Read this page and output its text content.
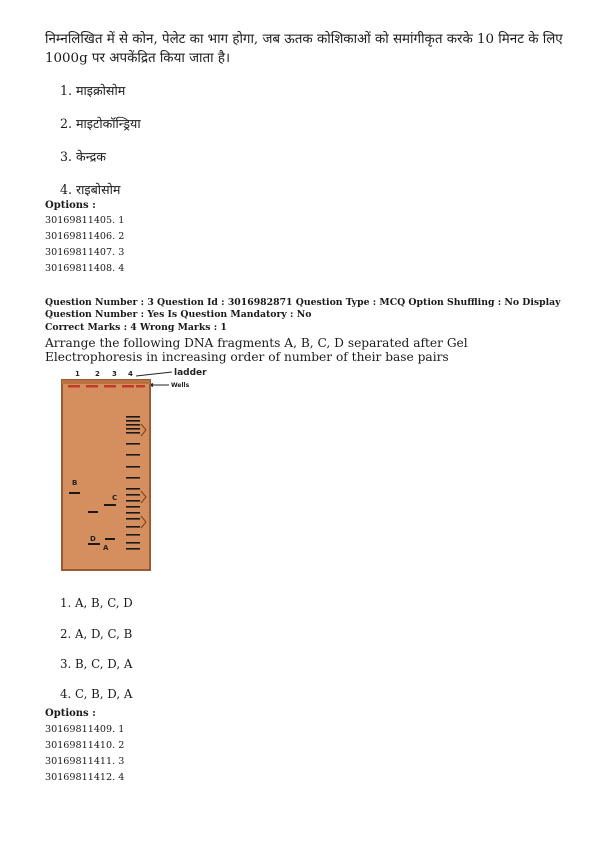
निम्नलिखित में से कोन, पेलेट का भाग होगा, जब ऊतक कोशिकाओं को समांगीकृत करके 10 मिनट के लिए 1000g पर अपकेंद्रित किया जाता है।
1. माइक्रोसोम
2. माइटोकॉन्ड्रिया
3. केन्द्रक
4. राइबोसोम
Options :
30169811405. 1
30169811406. 2
30169811407. 3
30169811408. 4
Question Number : 3 Question Id : 3016982871 Question Type : MCQ Option Shuffling : No Display Question Number : Yes Is Question Mandatory : No
Correct Marks : 4 Wrong Marks : 1
Arrange the following DNA fragments A, B, C, D separated after Gel Electrophoresis in increasing order of number of their base pairs
1 2 3 4	ladder
Wells
B
C
D
A
1. A, B, C, D
2. A, D, C, B
3. B, C, D, A
4. C, B, D, A
Options :
30169811409. 1
30169811410. 2
30169811411. 3
30169811412. 4
